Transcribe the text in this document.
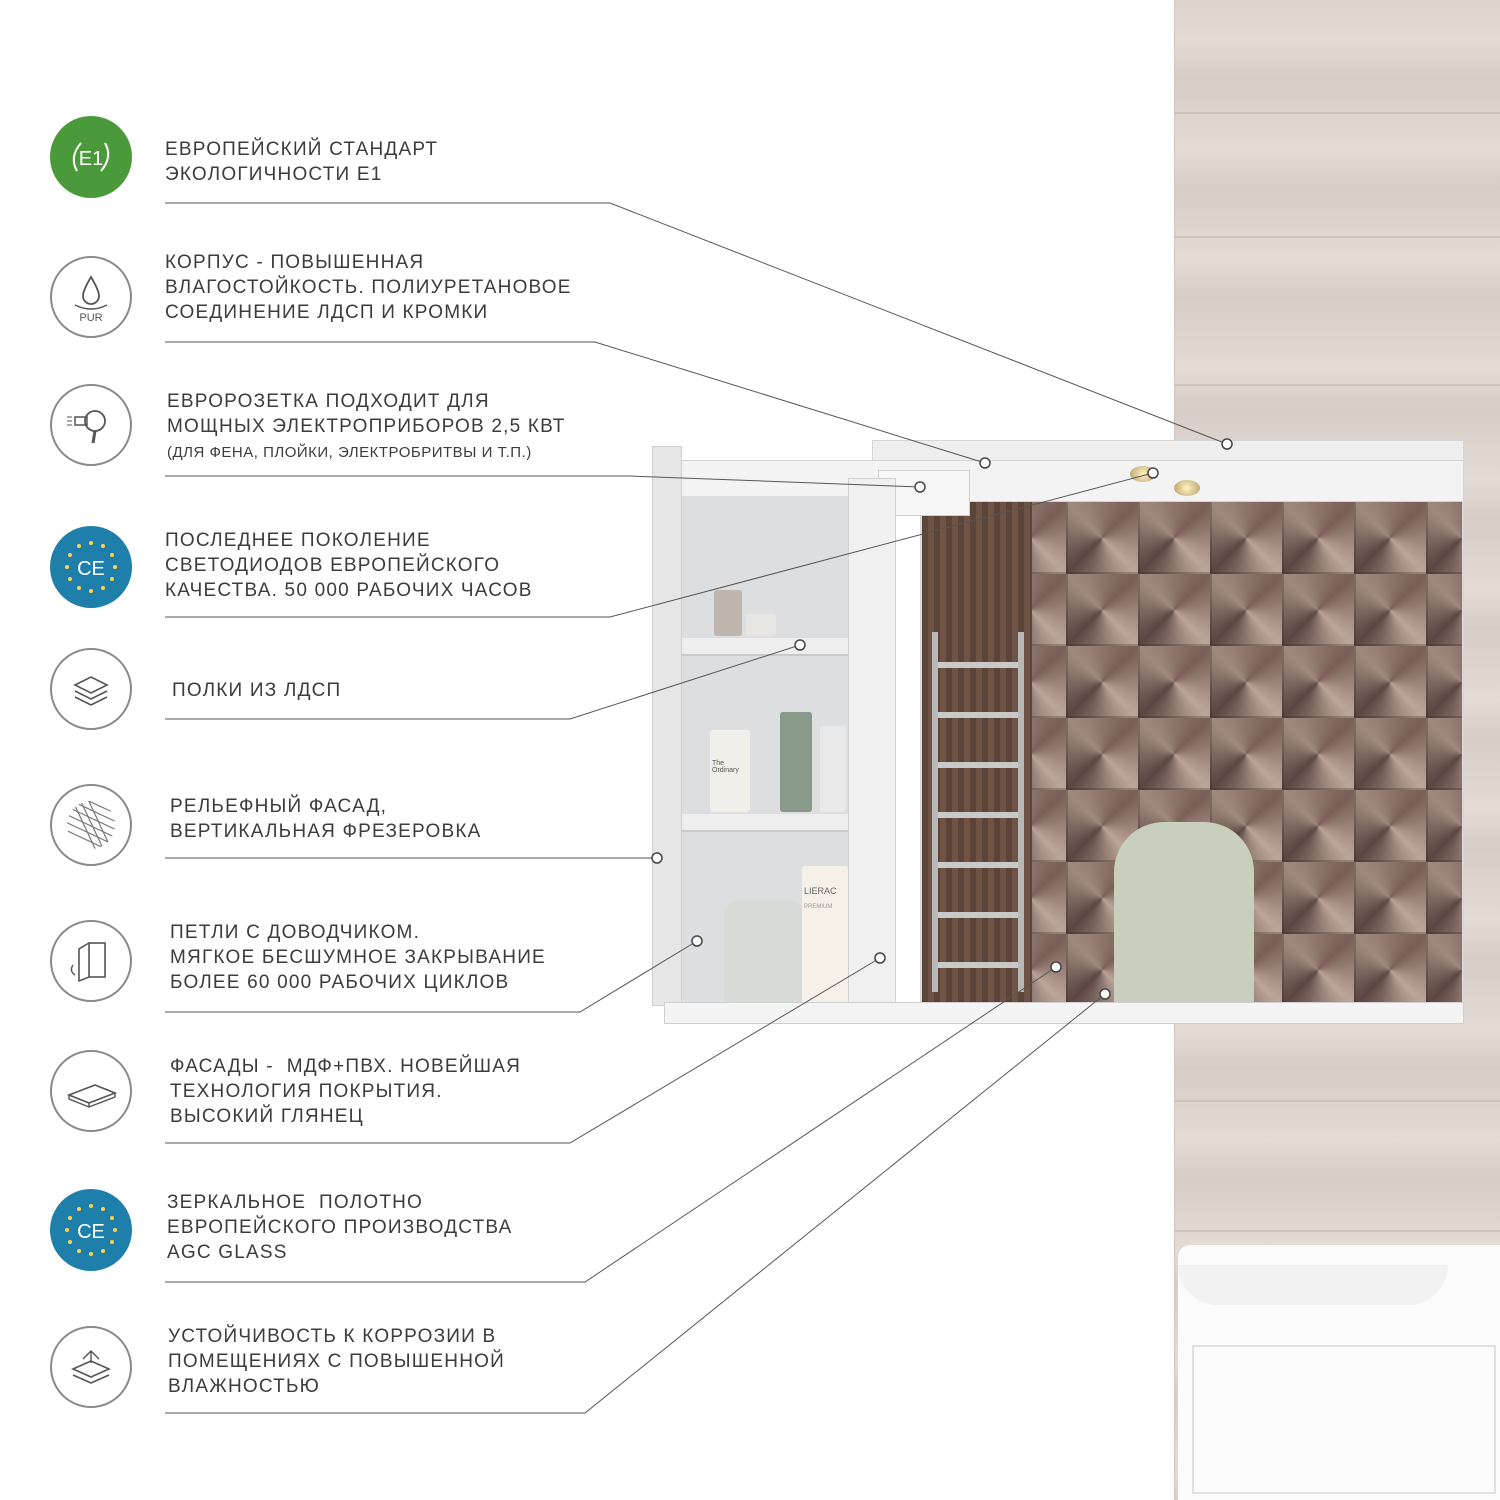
The Ordinary
LIERAC
PREMIUM
E1	ЕВРОПЕЙСКИЙ СТАНДАРТ
ЭКОЛОГИЧНОСТИ Е1
PUR
КОРПУС - ПОВЫШЕННАЯ
ВЛАГОСТОЙКОСТЬ. ПОЛИУРЕТАНОВОЕ
СОЕДИНЕНИЕ ЛДСП И КРОМКИ
ЕВРОРОЗЕТКА ПОДХОДИТ ДЛЯ
МОЩНЫХ ЭЛЕКТРОПРИБОРОВ 2,5 КВТ
(ДЛЯ ФЕНА, ПЛОЙКИ, ЭЛЕКТРОБРИТВЫ И Т.П.)
CE
ПОСЛЕДНЕЕ ПОКОЛЕНИЕ
СВЕТОДИОДОВ ЕВРОПЕЙСКОГО
КАЧЕСТВА. 50 000 РАБОЧИХ ЧАСОВ
ПОЛКИ ИЗ ЛДСП
РЕЛЬЕФНЫЙ ФАСАД,
ВЕРТИКАЛЬНАЯ ФРЕЗЕРОВКА
ПЕТЛИ С ДОВОДЧИКОМ.
МЯГКОЕ БЕСШУМНОЕ ЗАКРЫВАНИЕ
БОЛЕЕ 60 000 РАБОЧИХ ЦИКЛОВ
ФАСАДЫ -  МДФ+ПВХ. НОВЕЙШАЯ
ТЕХНОЛОГИЯ ПОКРЫТИЯ.
ВЫСОКИЙ ГЛЯНЕЦ
CE
ЗЕРКАЛЬНОЕ  ПОЛОТНО
ЕВРОПЕЙСКОГО ПРОИЗВОДСТВА
AGC GLASS
УСТОЙЧИВОСТЬ К КОРРОЗИИ В
ПОМЕЩЕНИЯХ С ПОВЫШЕННОЙ
ВЛАЖНОСТЬЮ
